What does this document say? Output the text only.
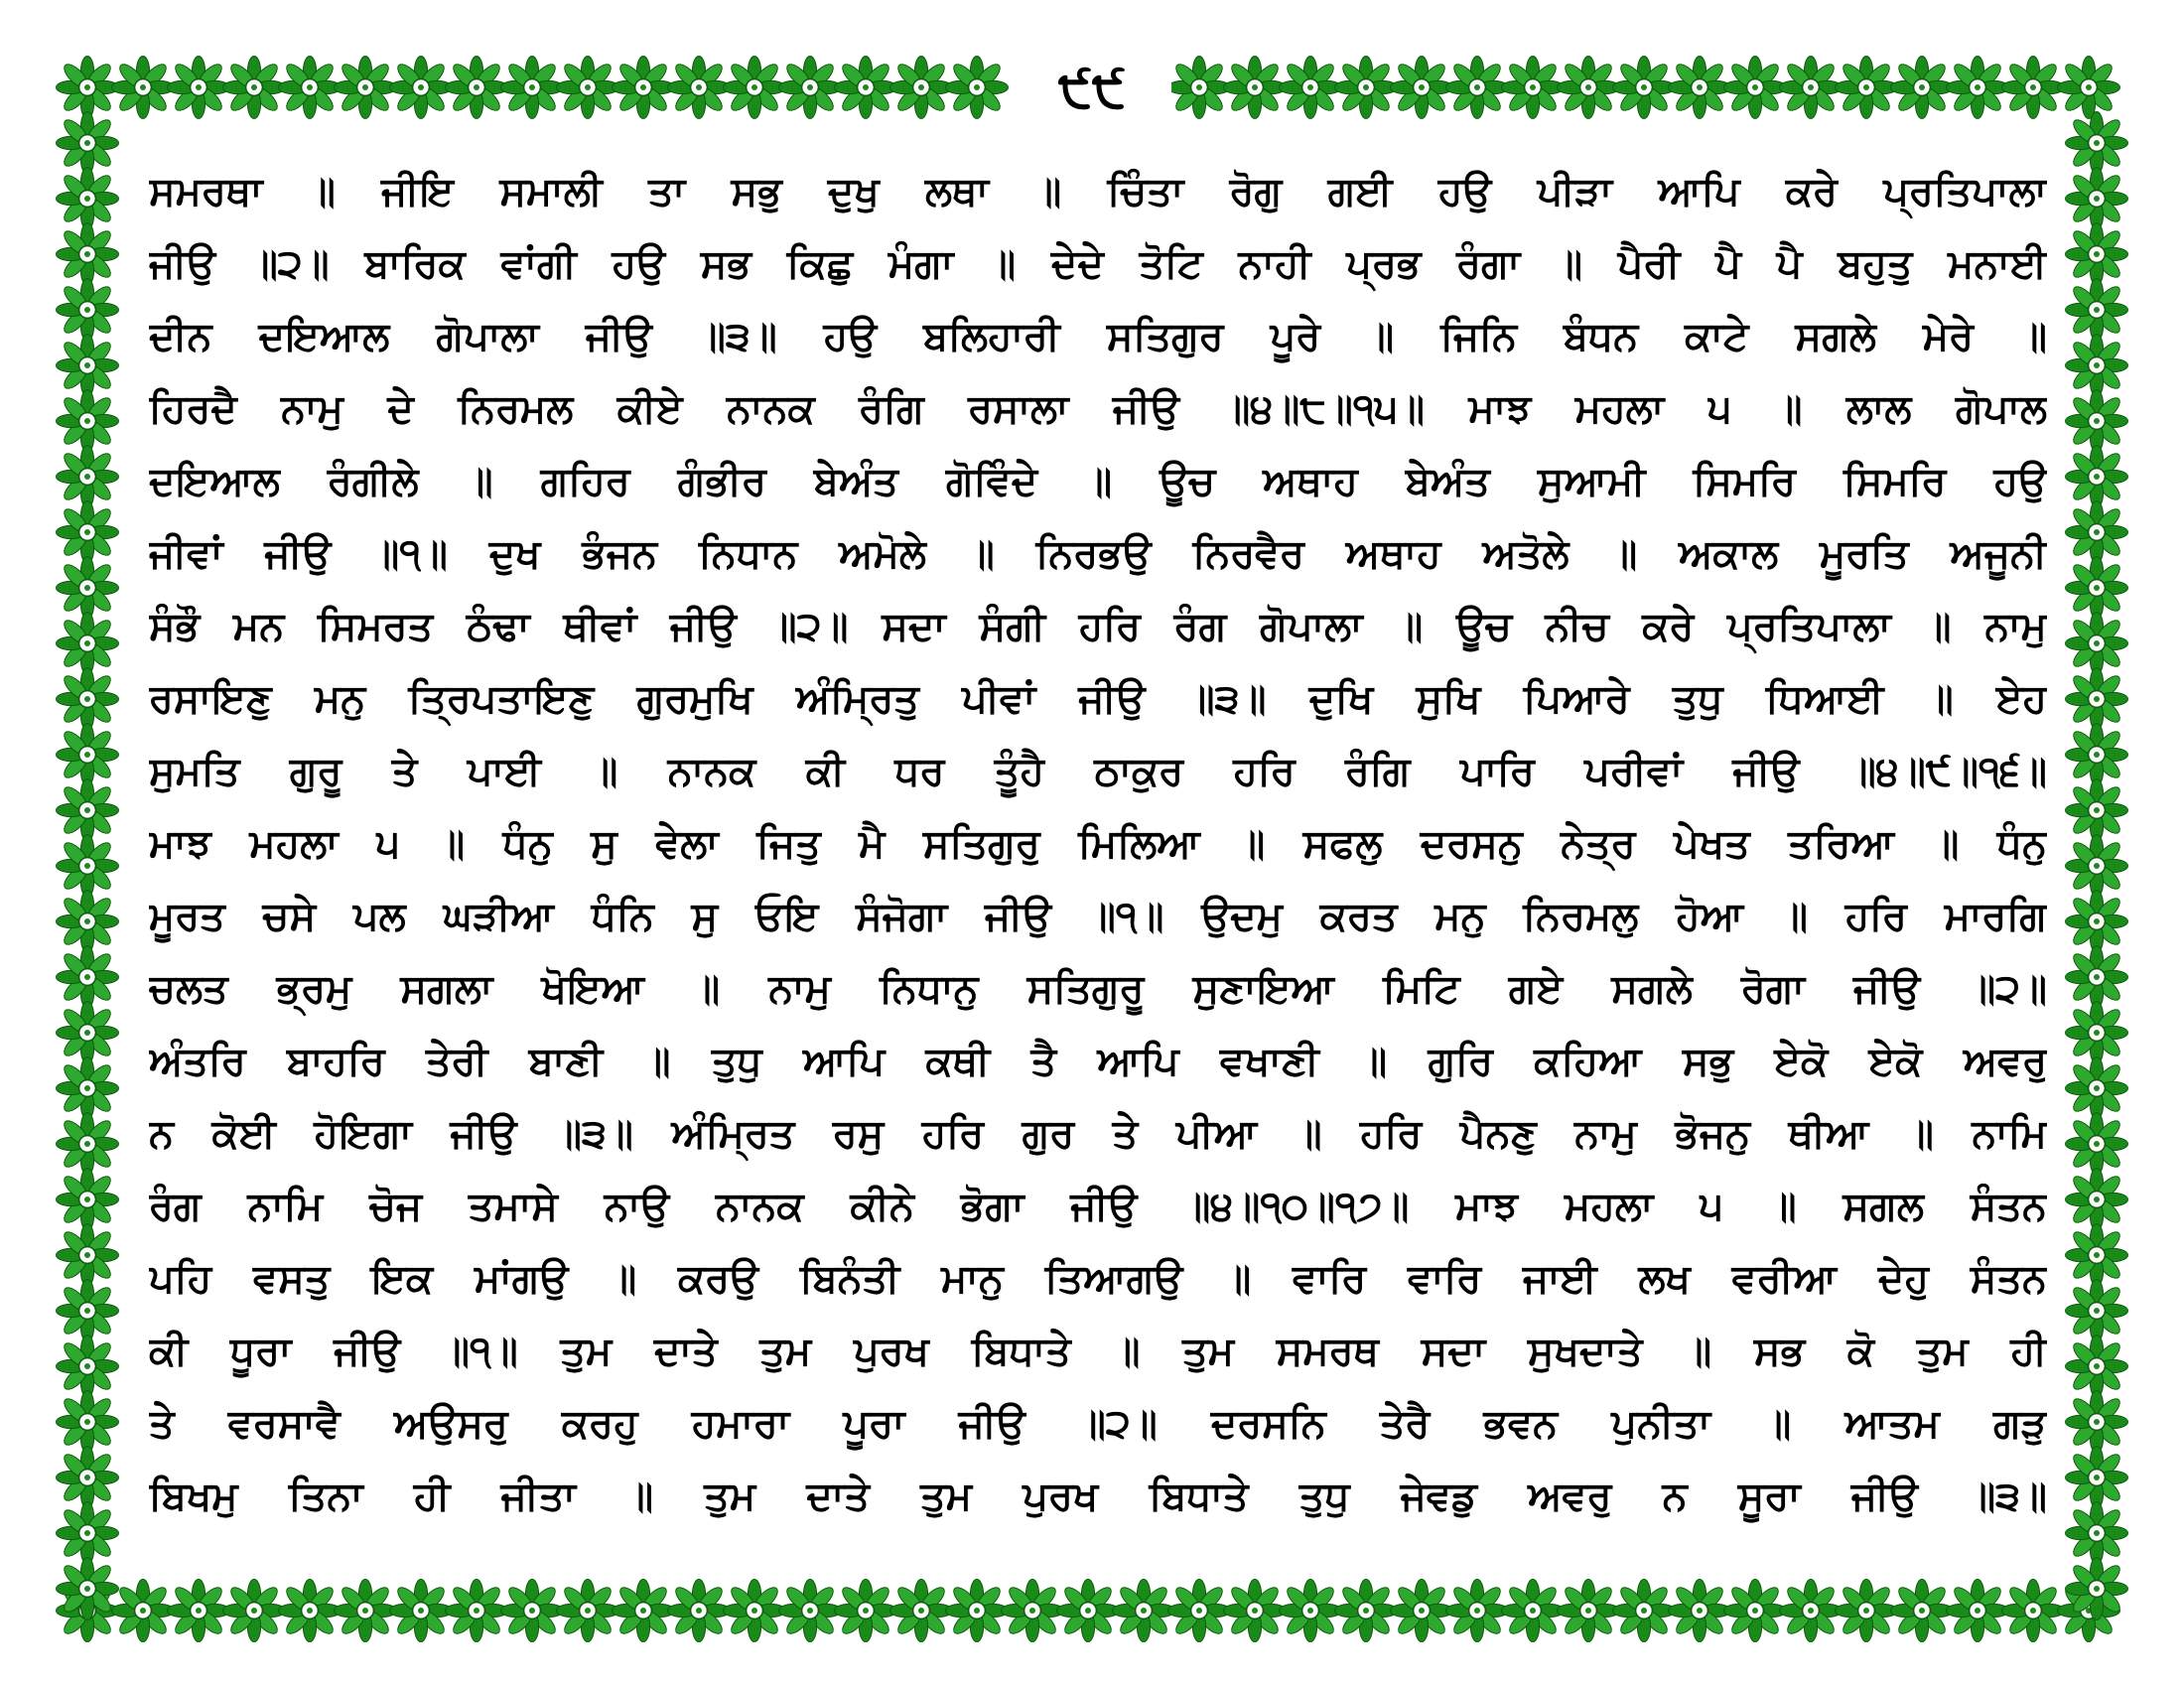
੯੯
ਸਮਰਥਾ ॥ ਜੀਇ ਸਮਾਲੀ ਤਾ ਸਭੁ ਦੁਖੁ ਲਥਾ ॥ ਚਿੰਤਾ ਰੋਗੁ ਗਈ ਹਉ ਪੀੜਾ ਆਪਿ ਕਰੇ ਪ੍ਰਤਿਪਾਲਾ
ਜੀਉ ॥੨॥ ਬਾਰਿਕ ਵਾਂਗੀ ਹਉ ਸਭ ਕਿਛੁ ਮੰਗਾ ॥ ਦੇਦੇ ਤੋਟਿ ਨਾਹੀ ਪ੍ਰਭ ਰੰਗਾ ॥ ਪੈਰੀ ਪੈ ਪੈ ਬਹੁਤੁ ਮਨਾਈ
ਦੀਨ ਦਇਆਲ ਗੋਪਾਲਾ ਜੀਉ ॥੩॥ ਹਉ ਬਲਿਹਾਰੀ ਸਤਿਗੁਰ ਪੂਰੇ ॥ ਜਿਨਿ ਬੰਧਨ ਕਾਟੇ ਸਗਲੇ ਮੇਰੇ ॥
ਹਿਰਦੈ ਨਾਮੁ ਦੇ ਨਿਰਮਲ ਕੀਏ ਨਾਨਕ ਰੰਗਿ ਰਸਾਲਾ ਜੀਉ ॥੪॥੮॥੧੫॥ ਮਾਝ ਮਹਲਾ ੫ ॥ ਲਾਲ ਗੋਪਾਲ
ਦਇਆਲ ਰੰਗੀਲੇ ॥ ਗਹਿਰ ਗੰਭੀਰ ਬੇਅੰਤ ਗੋਵਿੰਦੇ ॥ ਊਚ ਅਥਾਹ ਬੇਅੰਤ ਸੁਆਮੀ ਸਿਮਰਿ ਸਿਮਰਿ ਹਉ
ਜੀਵਾਂ ਜੀਉ ॥੧॥ ਦੁਖ ਭੰਜਨ ਨਿਧਾਨ ਅਮੋਲੇ ॥ ਨਿਰਭਉ ਨਿਰਵੈਰ ਅਥਾਹ ਅਤੋਲੇ ॥ ਅਕਾਲ ਮੂਰਤਿ ਅਜੂਨੀ
ਸੰਭੌ ਮਨ ਸਿਮਰਤ ਠੰਢਾ ਥੀਵਾਂ ਜੀਉ ॥੨॥ ਸਦਾ ਸੰਗੀ ਹਰਿ ਰੰਗ ਗੋਪਾਲਾ ॥ ਊਚ ਨੀਚ ਕਰੇ ਪ੍ਰਤਿਪਾਲਾ ॥ ਨਾਮੁ
ਰਸਾਇਣੁ ਮਨੁ ਤ੍ਰਿਪਤਾਇਣੁ ਗੁਰਮੁਖਿ ਅੰਮ੍ਰਿਤੁ ਪੀਵਾਂ ਜੀਉ ॥੩॥ ਦੁਖਿ ਸੁਖਿ ਪਿਆਰੇ ਤੁਧੁ ਧਿਆਈ ॥ ਏਹ
ਸੁਮਤਿ ਗੁਰੂ ਤੇ ਪਾਈ ॥ ਨਾਨਕ ਕੀ ਧਰ ਤੂੰਹੈ ਠਾਕੁਰ ਹਰਿ ਰੰਗਿ ਪਾਰਿ ਪਰੀਵਾਂ ਜੀਉ ॥੪॥੯॥੧੬॥
ਮਾਝ ਮਹਲਾ ੫ ॥ ਧੰਨੁ ਸੁ ਵੇਲਾ ਜਿਤੁ ਮੈ ਸਤਿਗੁਰੁ ਮਿਲਿਆ ॥ ਸਫਲੁ ਦਰਸਨੁ ਨੇਤ੍ਰ ਪੇਖਤ ਤਰਿਆ ॥ ਧੰਨੁ
ਮੂਰਤ ਚਸੇ ਪਲ ਘੜੀਆ ਧੰਨਿ ਸੁ ਓਇ ਸੰਜੋਗਾ ਜੀਉ ॥੧॥ ਉਦਮੁ ਕਰਤ ਮਨੁ ਨਿਰਮਲੁ ਹੋਆ ॥ ਹਰਿ ਮਾਰਗਿ
ਚਲਤ ਭ੍ਰਮੁ ਸਗਲਾ ਖੋਇਆ ॥ ਨਾਮੁ ਨਿਧਾਨੁ ਸਤਿਗੁਰੂ ਸੁਣਾਇਆ ਮਿਟਿ ਗਏ ਸਗਲੇ ਰੋਗਾ ਜੀਉ ॥੨॥
ਅੰਤਰਿ ਬਾਹਰਿ ਤੇਰੀ ਬਾਣੀ ॥ ਤੁਧੁ ਆਪਿ ਕਥੀ ਤੈ ਆਪਿ ਵਖਾਣੀ ॥ ਗੁਰਿ ਕਹਿਆ ਸਭੁ ਏਕੋ ਏਕੋ ਅਵਰੁ
ਨ ਕੋਈ ਹੋਇਗਾ ਜੀਉ ॥੩॥ ਅੰਮ੍ਰਿਤ ਰਸੁ ਹਰਿ ਗੁਰ ਤੇ ਪੀਆ ॥ ਹਰਿ ਪੈਨਣੁ ਨਾਮੁ ਭੋਜਨੁ ਥੀਆ ॥ ਨਾਮਿ
ਰੰਗ ਨਾਮਿ ਚੋਜ ਤਮਾਸੇ ਨਾਉ ਨਾਨਕ ਕੀਨੇ ਭੋਗਾ ਜੀਉ ॥੪॥੧੦॥੧੭॥ ਮਾਝ ਮਹਲਾ ੫ ॥ ਸਗਲ ਸੰਤਨ
ਪਹਿ ਵਸਤੁ ਇਕ ਮਾਂਗਉ ॥ ਕਰਉ ਬਿਨੰਤੀ ਮਾਨੁ ਤਿਆਗਉ ॥ ਵਾਰਿ ਵਾਰਿ ਜਾਈ ਲਖ ਵਰੀਆ ਦੇਹੁ ਸੰਤਨ
ਕੀ ਧੂਰਾ ਜੀਉ ॥੧॥ ਤੁਮ ਦਾਤੇ ਤੁਮ ਪੁਰਖ ਬਿਧਾਤੇ ॥ ਤੁਮ ਸਮਰਥ ਸਦਾ ਸੁਖਦਾਤੇ ॥ ਸਭ ਕੋ ਤੁਮ ਹੀ
ਤੇ ਵਰਸਾਵੈ ਅਉਸਰੁ ਕਰਹੁ ਹਮਾਰਾ ਪੂਰਾ ਜੀਉ ॥੨॥ ਦਰਸਨਿ ਤੇਰੈ ਭਵਨ ਪੁਨੀਤਾ ॥ ਆਤਮ ਗੜੁ
ਬਿਖਮੁ ਤਿਨਾ ਹੀ ਜੀਤਾ ॥ ਤੁਮ ਦਾਤੇ ਤੁਮ ਪੁਰਖ ਬਿਧਾਤੇ ਤੁਧੁ ਜੇਵਡੁ ਅਵਰੁ ਨ ਸੂਰਾ ਜੀਉ ॥੩॥
